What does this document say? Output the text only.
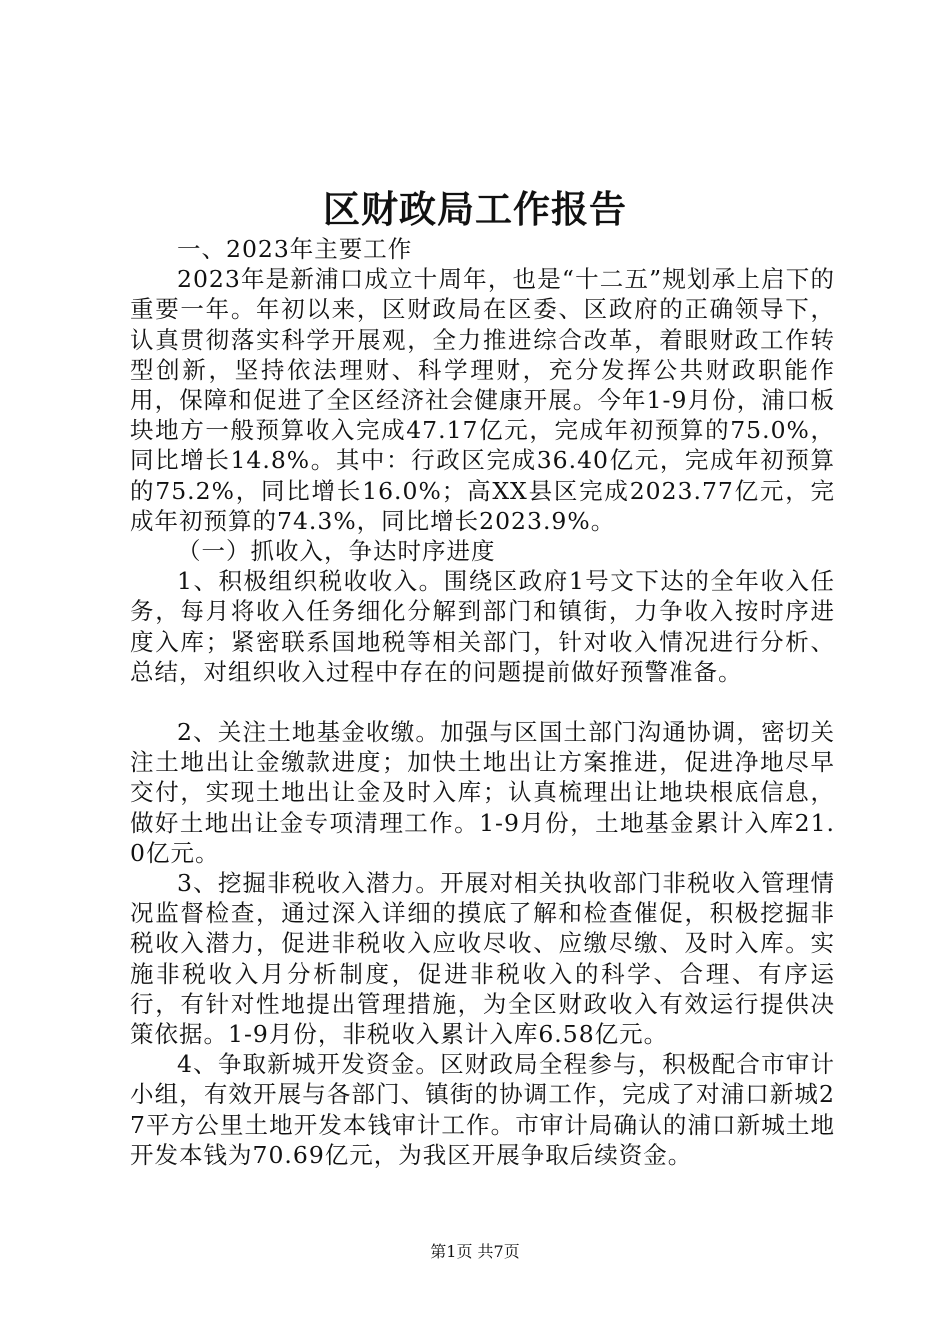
区财政局工作报告

一、2023年主要工作

2023年是新浦口成立十周年，也是“十二五”规划承上启下的重要一年。年初以来，区财政局在区委、区政府的正确领导下，认真贯彻落实科学开展观，全力推进综合改革，着眼财政工作转型创新，坚持依法理财、科学理财，充分发挥公共财政职能作用，保障和促进了全区经济社会健康开展。今年1-9月份，浦口板块地方一般预算收入完成47.17亿元，完成年初预算的75.0%，同比增长14.8%。其中：行政区完成36.40亿元，完成年初预算的75.2%，同比增长16.0%；高XX县区完成2023.77亿元，完成年初预算的74.3%，同比增长2023.9%。

（一）抓收入，争达时序进度

1、积极组织税收收入。围绕区政府1号文下达的全年收入任务，每月将收入任务细化分解到部门和镇街，力争收入按时序进度入库；紧密联系国地税等相关部门，针对收入情况进行分析、总结，对组织收入过程中存在的问题提前做好预警准备。

2、关注土地基金收缴。加强与区国土部门沟通协调，密切关注土地出让金缴款进度；加快土地出让方案推进，促进净地尽早交付，实现土地出让金及时入库；认真梳理出让地块根底信息，做好土地出让金专项清理工作。1-9月份，土地基金累计入库21.0亿元。

3、挖掘非税收入潜力。开展对相关执收部门非税收入管理情况监督检查，通过深入详细的摸底了解和检查催促，积极挖掘非税收入潜力，促进非税收入应收尽收、应缴尽缴、及时入库。实施非税收入月分析制度，促进非税收入的科学、合理、有序运行，有针对性地提出管理措施，为全区财政收入有效运行提供决策依据。1-9月份，非税收入累计入库6.58亿元。

4、争取新城开发资金。区财政局全程参与，积极配合市审计小组，有效开展与各部门、镇街的协调工作，完成了对浦口新城27平方公里土地开发本钱审计工作。市审计局确认的浦口新城土地开发本钱为70.69亿元，为我区开展争取后续资金。

第1页 共7页
